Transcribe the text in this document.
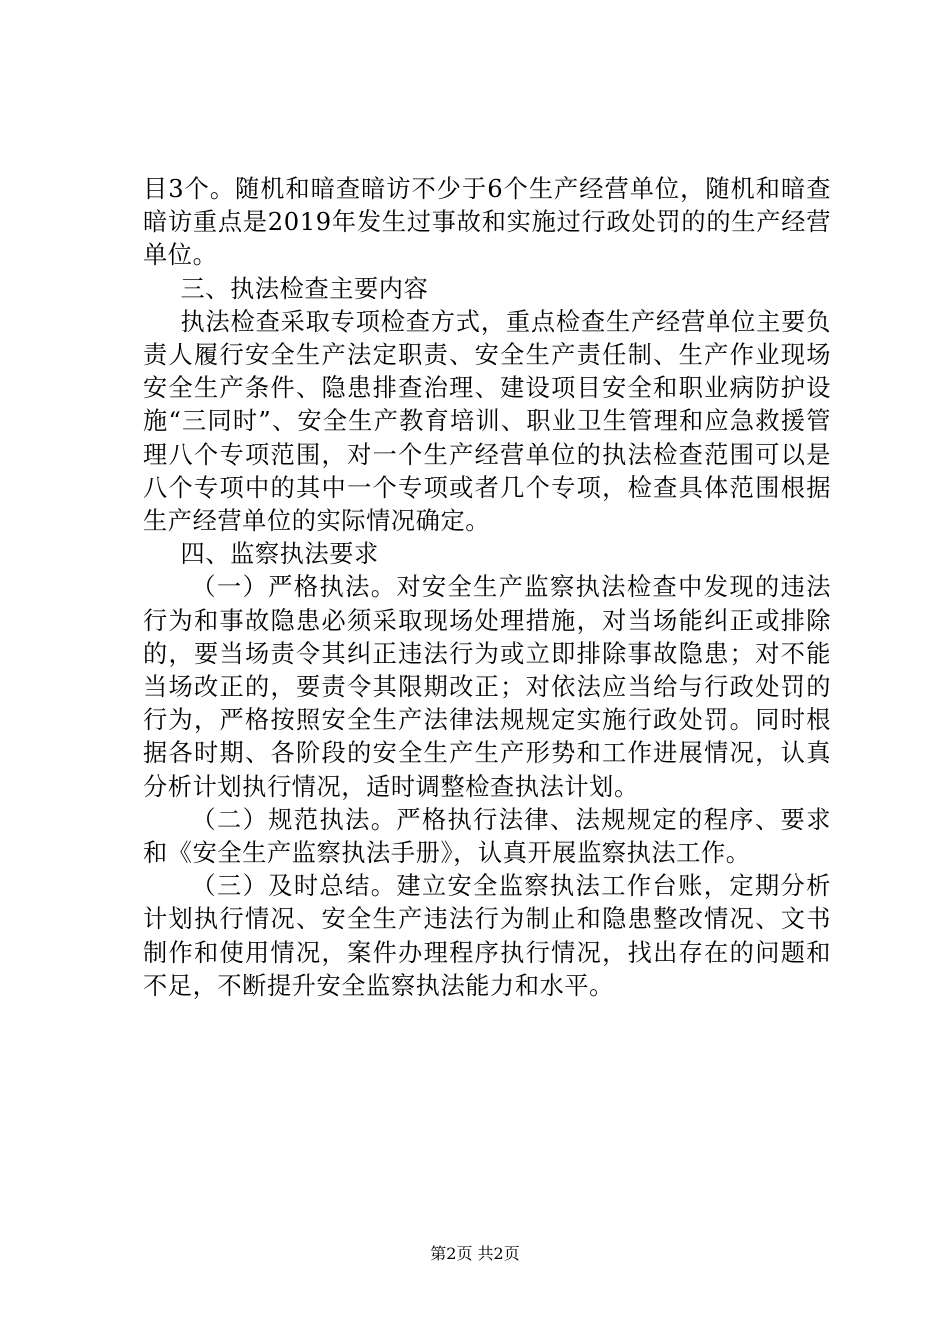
目3个。随机和暗查暗访不少于6个生产经营单位，随机和暗查暗访重点是2019年发生过事故和实施过行政处罚的的生产经营单位。

三、执法检查主要内容

执法检查采取专项检查方式，重点检查生产经营单位主要负责人履行安全生产法定职责、安全生产责任制、生产作业现场安全生产条件、隐患排查治理、建设项目安全和职业病防护设施“三同时”、安全生产教育培训、职业卫生管理和应急救援管理八个专项范围，对一个生产经营单位的执法检查范围可以是八个专项中的其中一个专项或者几个专项，检查具体范围根据生产经营单位的实际情况确定。

四、监察执法要求

（一）严格执法。对安全生产监察执法检查中发现的违法行为和事故隐患必须采取现场处理措施，对当场能纠正或排除的，要当场责令其纠正违法行为或立即排除事故隐患；对不能当场改正的，要责令其限期改正；对依法应当给与行政处罚的行为，严格按照安全生产法律法规规定实施行政处罚。同时根据各时期、各阶段的安全生产生产形势和工作进展情况，认真分析计划执行情况，适时调整检查执法计划。

（二）规范执法。严格执行法律、法规规定的程序、要求和《安全生产监察执法手册》，认真开展监察执法工作。

（三）及时总结。建立安全监察执法工作台账，定期分析计划执行情况、安全生产违法行为制止和隐患整改情况、文书制作和使用情况，案件办理程序执行情况，找出存在的问题和不足，不断提升安全监察执法能力和水平。

第2页 共2页
